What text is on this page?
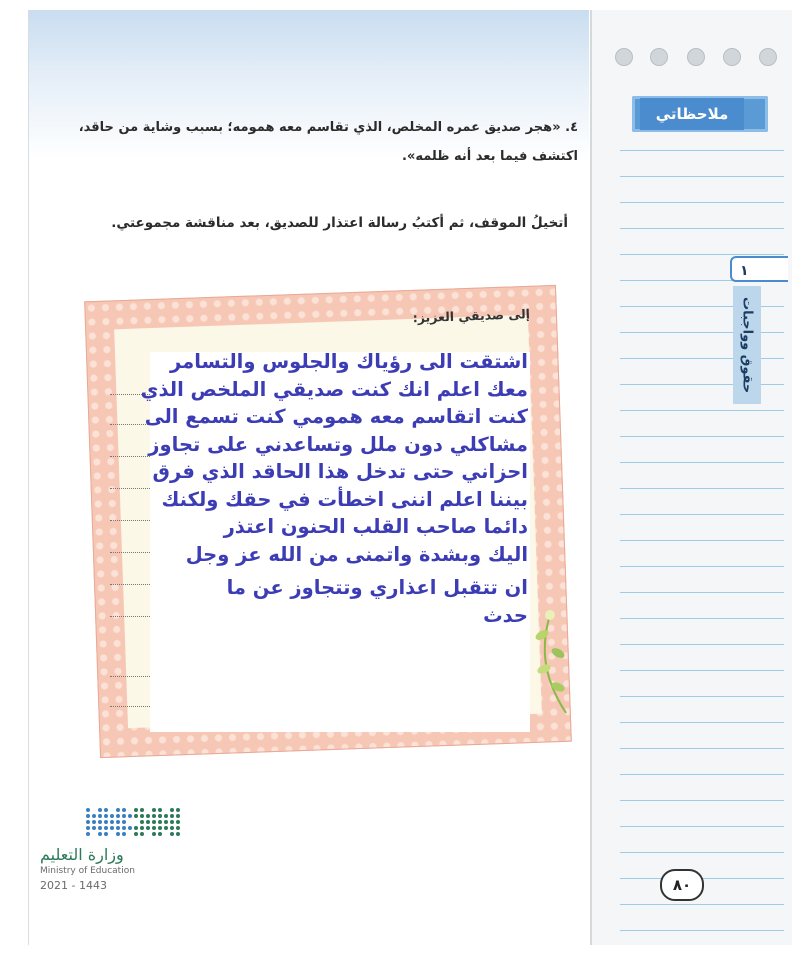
ملاحظاتي
١
حقوق وواجبات
٤. «هجر صديق عمره المخلص، الذي تقاسم معه همومه؛ بسبب وشاية من حاقد،
اكتشف فيما بعد أنه ظلمه».
أتخيلُ الموقف، ثم أكتبُ رسالة اعتذار للصديق، بعد مناقشة مجموعتي.
إلى صديقي العزيز:
اشتقت الى رؤياك والجلوس والتسامر
معك اعلم انك كنت صديقي الملخص الذي
كنت اتقاسم معه همومي كنت تسمع الى
مشاكلي دون ملل وتساعدني على تجاوز
احزاني حتى تدخل هذا الحاقد الذي فرق
بيننا اعلم اننى اخطأت في حقك ولكنك
دائما صاحب القلب الحنون اعتذر
اليك وبشدة واتمنى من الله عز وجل
ان تتقبل اعذاري وتتجاوز عن ما
حدث
وزارة التعليم
Ministry of Education
2021 - 1443	٨٠
